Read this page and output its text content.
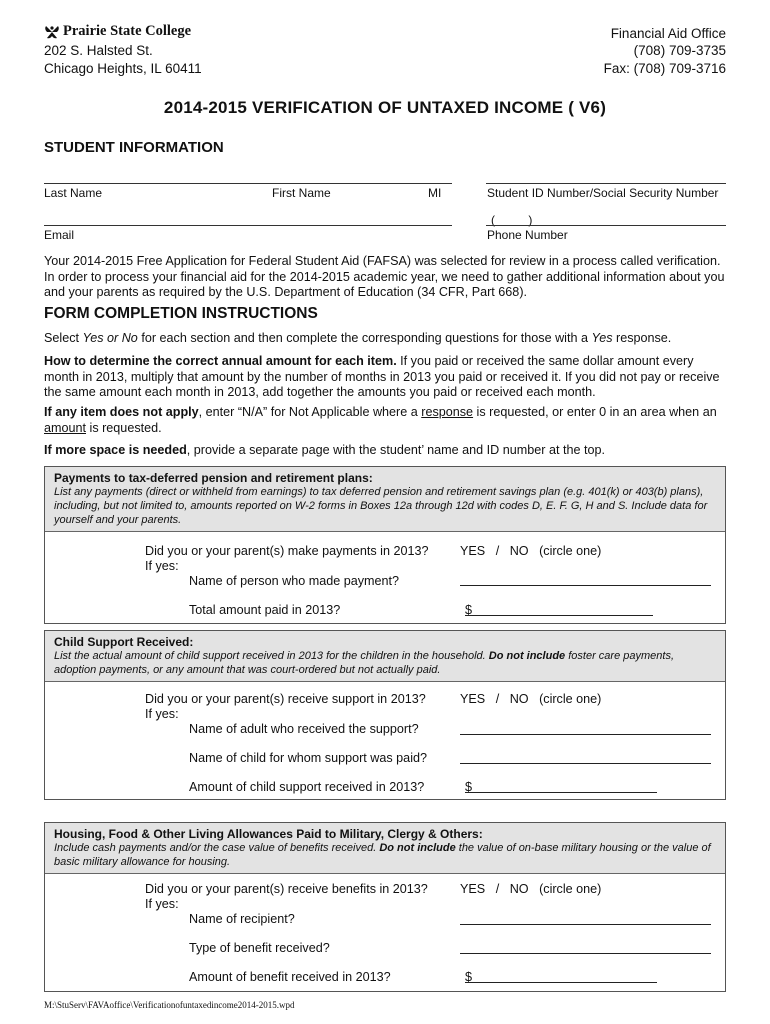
Prairie State College
202 S. Halsted St.
Chicago Heights, IL 60411
Financial Aid Office
(708) 709-3735
Fax: (708) 709-3716
2014-2015 VERIFICATION OF UNTAXED INCOME ( V6)
STUDENT INFORMATION
Last Name	First Name	MI	Student ID Number/Social Security Number
Email
(          )
Phone Number
Your 2014-2015 Free Application for Federal Student Aid (FAFSA) was selected for review in a process called verification. In order to process your financial aid for the 2014-2015 academic year, we need to gather additional information about you and your parents as required by the U.S. Department of Education (34 CFR, Part 668).
FORM COMPLETION INSTRUCTIONS
Select Yes or No for each section and then complete the corresponding questions for those with a Yes response.
How to determine the correct annual amount for each item. If you paid or received the same dollar amount every month in 2013, multiply that amount by the number of months in 2013 you paid or received it. If you did not pay or receive the same amount each month in 2013, add together the amounts you paid or received each month.
If any item does not apply, enter “N/A” for Not Applicable where a response is requested, or enter 0 in an area when an amount is requested.
If more space is needed, provide a separate page with the student’ name and ID number at the top.
Payments to tax-deferred pension and retirement plans:
List any payments (direct or withheld from earnings) to tax deferred pension and retirement savings plan (e.g. 401(k) or 403(b) plans), including, but not limited to, amounts reported on W-2 forms in Boxes 12a through 12d with codes D, E. F. G, H and S. Include data for yourself and your parents.
Did you or your parent(s) make payments in 2013?
If yes:
YES   /   NO   (circle one)
Name of person who made payment?
Total amount paid in 2013?	$
Child Support Received:
List the actual amount of child support received in 2013 for the children in the household. Do not include foster care payments, adoption payments, or any amount that was court-ordered but not actually paid.
Did you or your parent(s) receive support in 2013?
If yes:
YES   /   NO   (circle one)
Name of adult who received the support?
Name of child for whom support was paid?
Amount of child support received in 2013?	$
Housing, Food & Other Living Allowances Paid to Military, Clergy & Others:
Include cash payments and/or the case value of benefits received. Do not include the value of on-base military housing or the value of basic military allowance for housing.
Did you or your parent(s) receive benefits in 2013?
If yes:
YES   /   NO   (circle one)
Name of recipient?
Type of benefit received?
Amount of benefit received in 2013?	$
M:\StuServ\FAVAoffice\Verificationofuntaxedincome2014-2015.wpd
